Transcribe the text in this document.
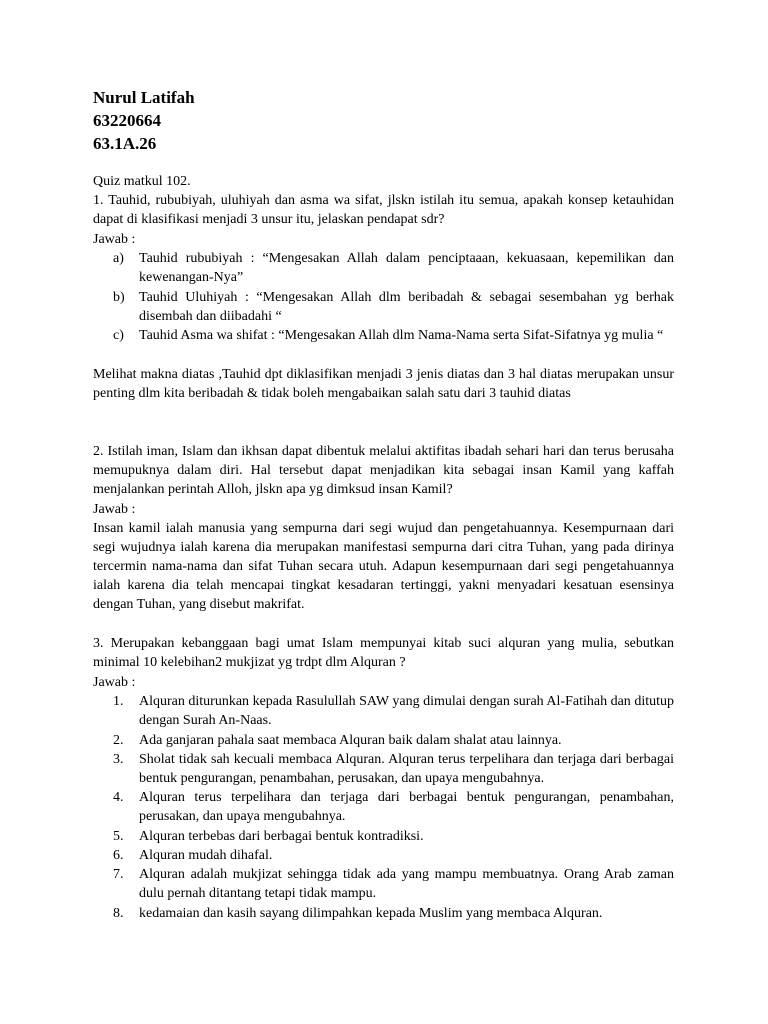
Nurul Latifah
63220664
63.1A.26
Quiz matkul 102.
1. Tauhid, rububiyah, uluhiyah dan asma wa sifat, jlskn istilah itu semua, apakah konsep ketauhidan dapat di klasifikasi menjadi 3 unsur itu, jelaskan pendapat sdr?
Jawab :
a)	Tauhid rububiyah : “Mengesakan Allah dalam penciptaaan, kekuasaan, kepemilikan dan kewenangan-Nya”
b)	Tauhid Uluhiyah : “Mengesakan Allah dlm beribadah & sebagai sesembahan yg berhak disembah dan diibadahi “
c)	Tauhid Asma wa shifat : “Mengesakan Allah dlm Nama-Nama serta Sifat-Sifatnya yg mulia “
Melihat makna diatas ,Tauhid dpt diklasifikan menjadi 3 jenis diatas dan 3 hal diatas merupakan unsur penting dlm kita beribadah & tidak boleh mengabaikan salah satu dari 3 tauhid diatas
2. Istilah iman, Islam dan ikhsan dapat dibentuk melalui aktifitas ibadah sehari hari dan terus berusaha memupuknya dalam diri. Hal tersebut dapat menjadikan kita sebagai insan Kamil yang kaffah menjalankan perintah Alloh, jlskn apa yg dimksud insan Kamil?
Jawab :
Insan kamil ialah manusia yang sempurna dari segi wujud dan pengetahuannya. Kesempurnaan dari segi wujudnya ialah karena dia merupakan manifestasi sempurna dari citra Tuhan, yang pada dirinya tercermin nama-nama dan sifat Tuhan secara utuh. Adapun kesempurnaan dari segi pengetahuannya ialah karena dia telah mencapai tingkat kesadaran tertinggi, yakni menyadari kesatuan esensinya dengan Tuhan, yang disebut makrifat.
3. Merupakan kebanggaan bagi umat Islam mempunyai kitab suci alquran yang mulia, sebutkan minimal 10 kelebihan2 mukjizat yg trdpt dlm Alquran ?
Jawab :
1.	Alquran diturunkan kepada Rasulullah SAW yang dimulai dengan surah Al-Fatihah dan ditutup dengan Surah An-Naas.
2.	Ada ganjaran pahala saat membaca Alquran baik dalam shalat atau lainnya.
3.	Sholat tidak sah kecuali membaca Alquran. Alquran terus terpelihara dan terjaga dari berbagai bentuk pengurangan, penambahan, perusakan, dan upaya mengubahnya.
4.	Alquran terus terpelihara dan terjaga dari berbagai bentuk pengurangan, penambahan, perusakan, dan upaya mengubahnya.
5.	Alquran terbebas dari berbagai bentuk kontradiksi.
6.	Alquran mudah dihafal.
7.	Alquran adalah mukjizat sehingga tidak ada yang mampu membuatnya. Orang Arab zaman dulu pernah ditantang tetapi tidak mampu.
8.	kedamaian dan kasih sayang dilimpahkan kepada Muslim yang membaca Alquran.
